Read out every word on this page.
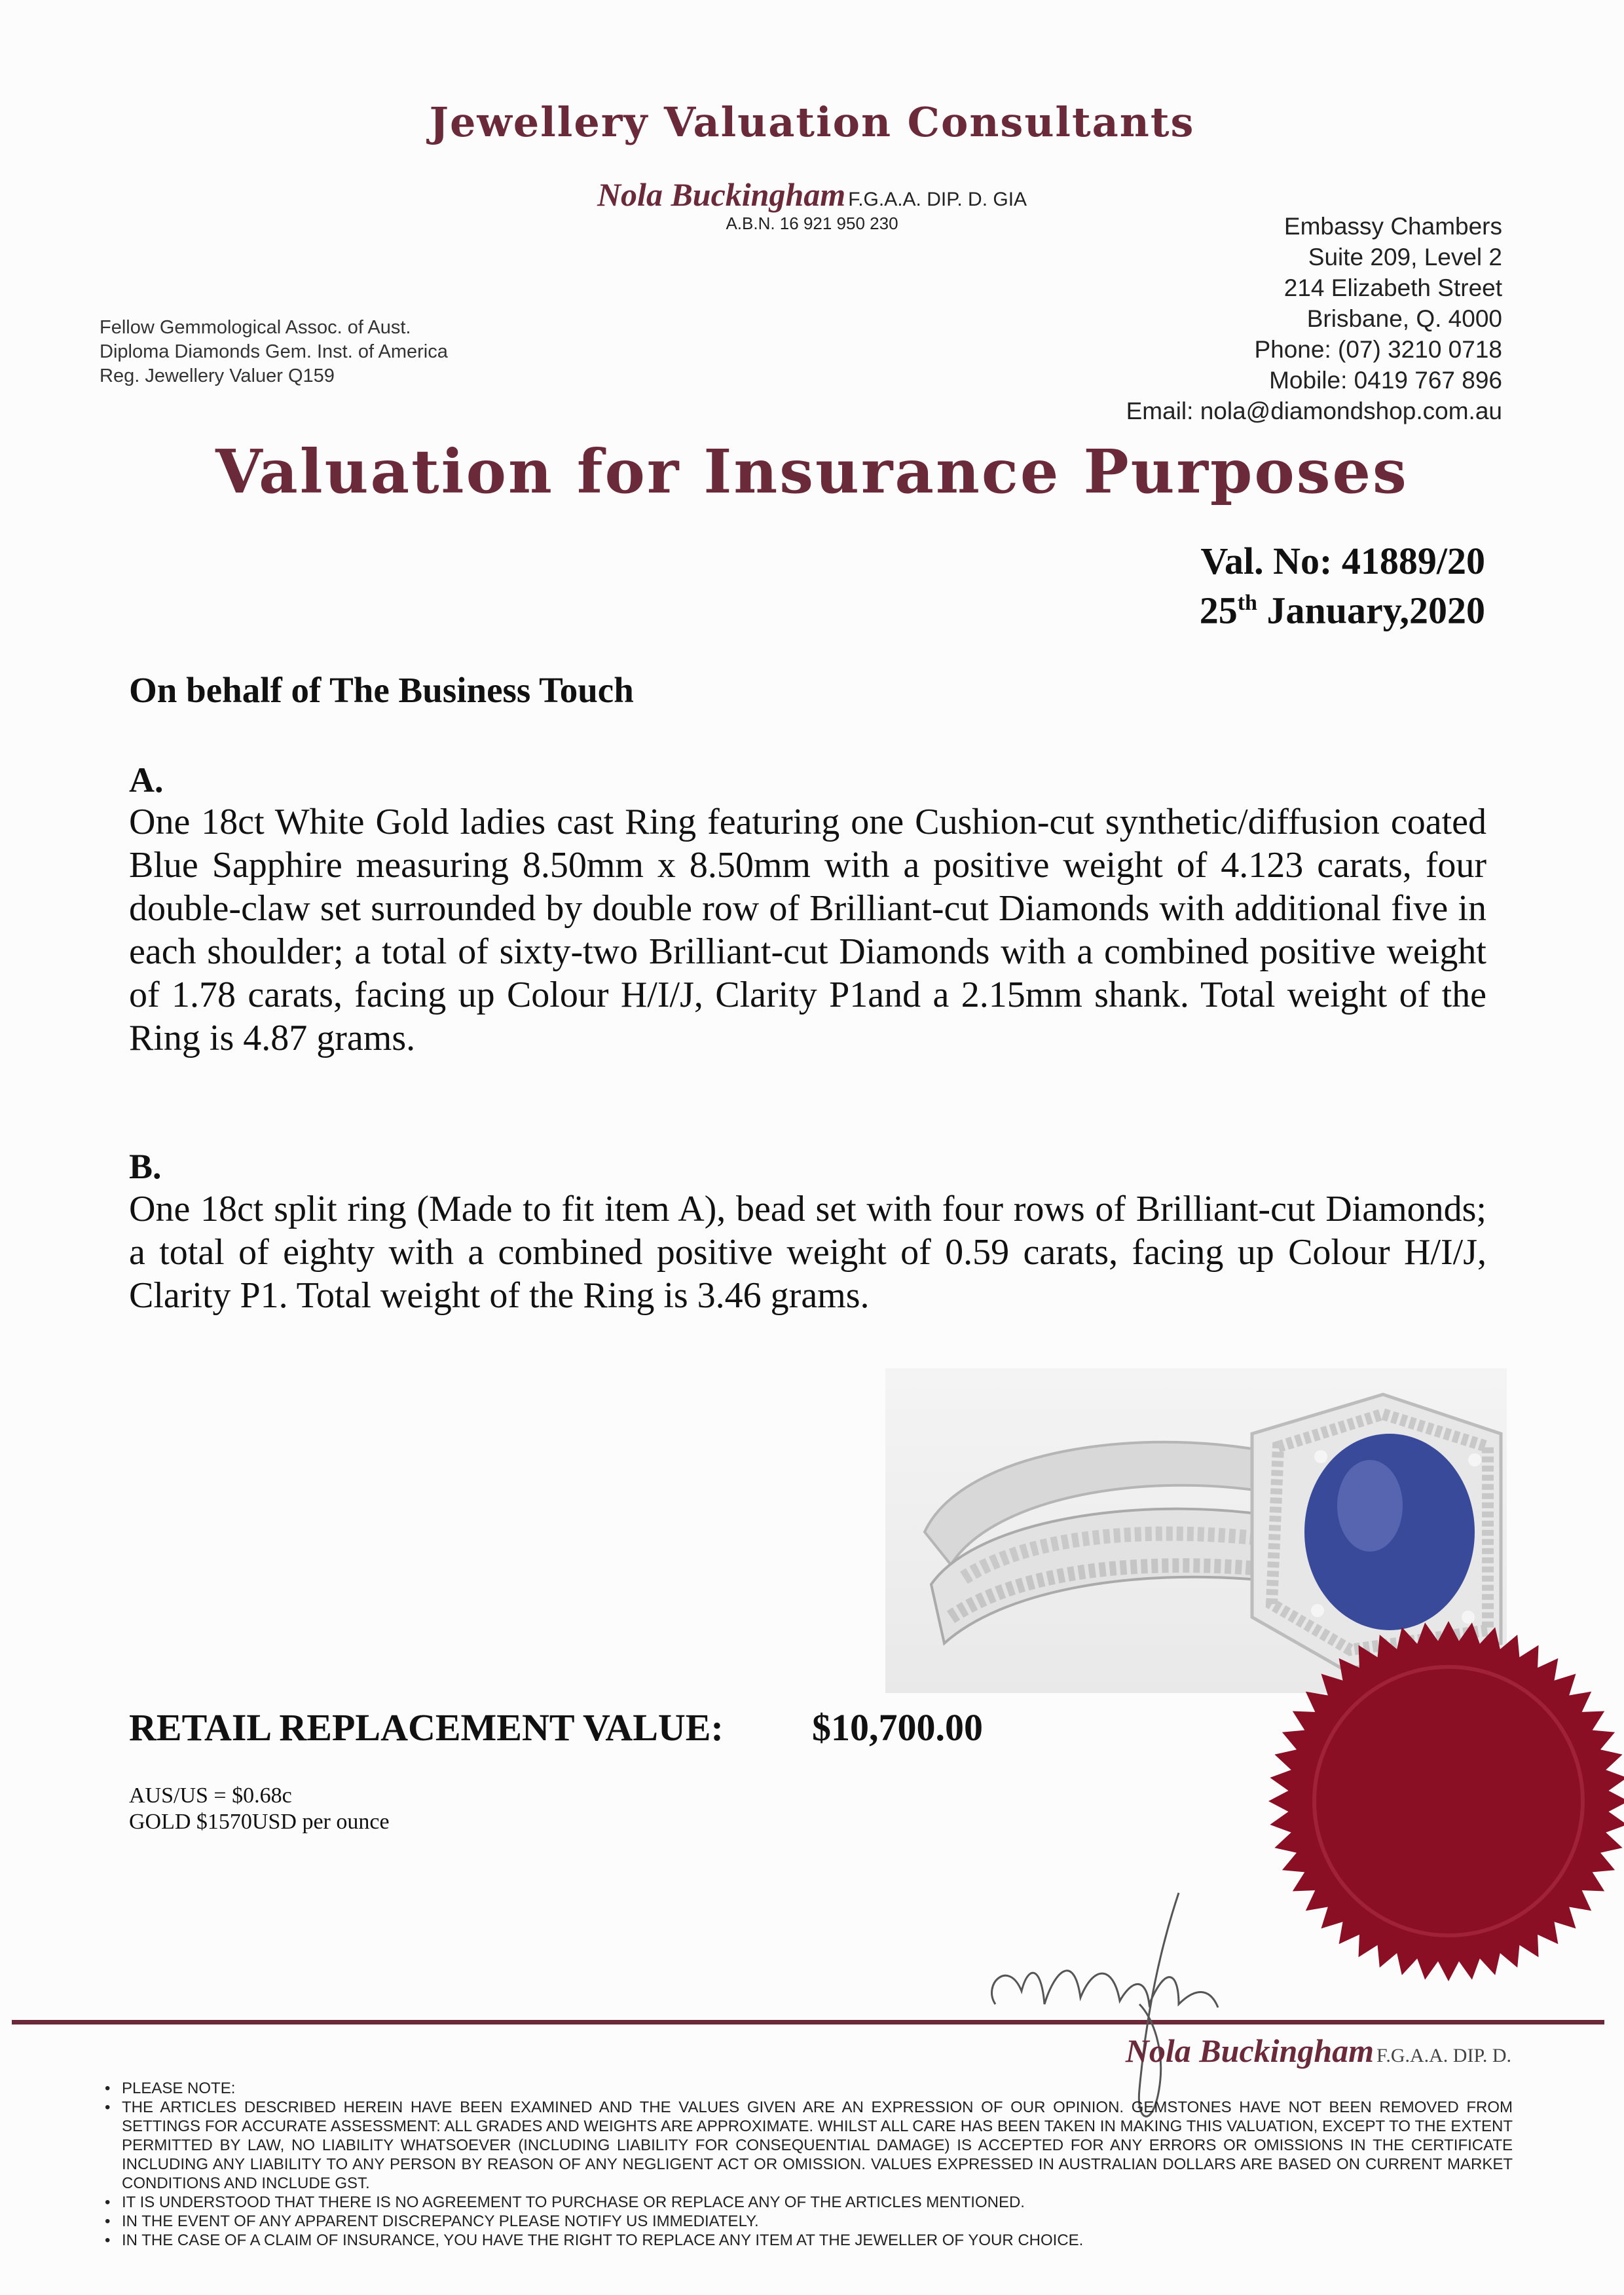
Jewellery Valuation Consultants
Nola Buckingham F.G.A.A. DIP. D. GIA
A.B.N. 16 921 950 230	Embassy Chambers
Suite 209, Level 2
214 Elizabeth Street
Brisbane, Q. 4000
Phone: (07) 3210 0718
Mobile: 0419 767 896
Email: nola@diamondshop.com.au
Fellow Gemmological Assoc. of Aust.
Diploma Diamonds Gem. Inst. of America
Reg. Jewellery Valuer Q159
Valuation for Insurance Purposes
Val. No: 41889/20
25th January,2020
On behalf of The Business Touch
A.
One 18ct White Gold ladies cast Ring featuring one Cushion-cut synthetic/diffusion coated Blue Sapphire measuring 8.50mm x 8.50mm with a positive weight of 4.123 carats, four double-claw set surrounded by double row of Brilliant-cut Diamonds with additional five in each shoulder; a total of sixty-two Brilliant-cut Diamonds with a combined positive weight of 1.78 carats, facing up Colour H/I/J, Clarity P1and a 2.15mm shank. Total weight of the Ring is 4.87 grams.
B.
One 18ct split ring (Made to fit item A), bead set with four rows of Brilliant-cut Diamonds; a total of eighty with a combined positive weight of 0.59 carats, facing up Colour H/I/J, Clarity P1. Total weight of the Ring is 3.46 grams.
RETAIL REPLACEMENT VALUE: $10,700.00
AUS/US = $0.68c
GOLD $1570USD per ounce
Nola Buckingham F.G.A.A. DIP. D.
• PLEASE NOTE:
• THE ARTICLES DESCRIBED HEREIN HAVE BEEN EXAMINED AND THE VALUES GIVEN ARE AN EXPRESSION OF OUR OPINION. GEMSTONES HAVE NOT BEEN REMOVED FROM SETTINGS FOR ACCURATE ASSESSMENT: ALL GRADES AND WEIGHTS ARE APPROXIMATE. WHILST ALL CARE HAS BEEN TAKEN IN MAKING THIS VALUATION, EXCEPT TO THE EXTENT PERMITTED BY LAW, NO LIABILITY WHATSOEVER (INCLUDING LIABILITY FOR CONSEQUENTIAL DAMAGE) IS ACCEPTED FOR ANY ERRORS OR OMISSIONS IN THE CERTIFICATE INCLUDING ANY LIABILITY TO ANY PERSON BY REASON OF ANY NEGLIGENT ACT OR OMISSION. VALUES EXPRESSED IN AUSTRALIAN DOLLARS ARE BASED ON CURRENT MARKET CONDITIONS AND INCLUDE GST.
• IT IS UNDERSTOOD THAT THERE IS NO AGREEMENT TO PURCHASE OR REPLACE ANY OF THE ARTICLES MENTIONED.
• IN THE EVENT OF ANY APPARENT DISCREPANCY PLEASE NOTIFY US IMMEDIATELY.
• IN THE CASE OF A CLAIM OF INSURANCE, YOU HAVE THE RIGHT TO REPLACE ANY ITEM AT THE JEWELLER OF YOUR CHOICE.
